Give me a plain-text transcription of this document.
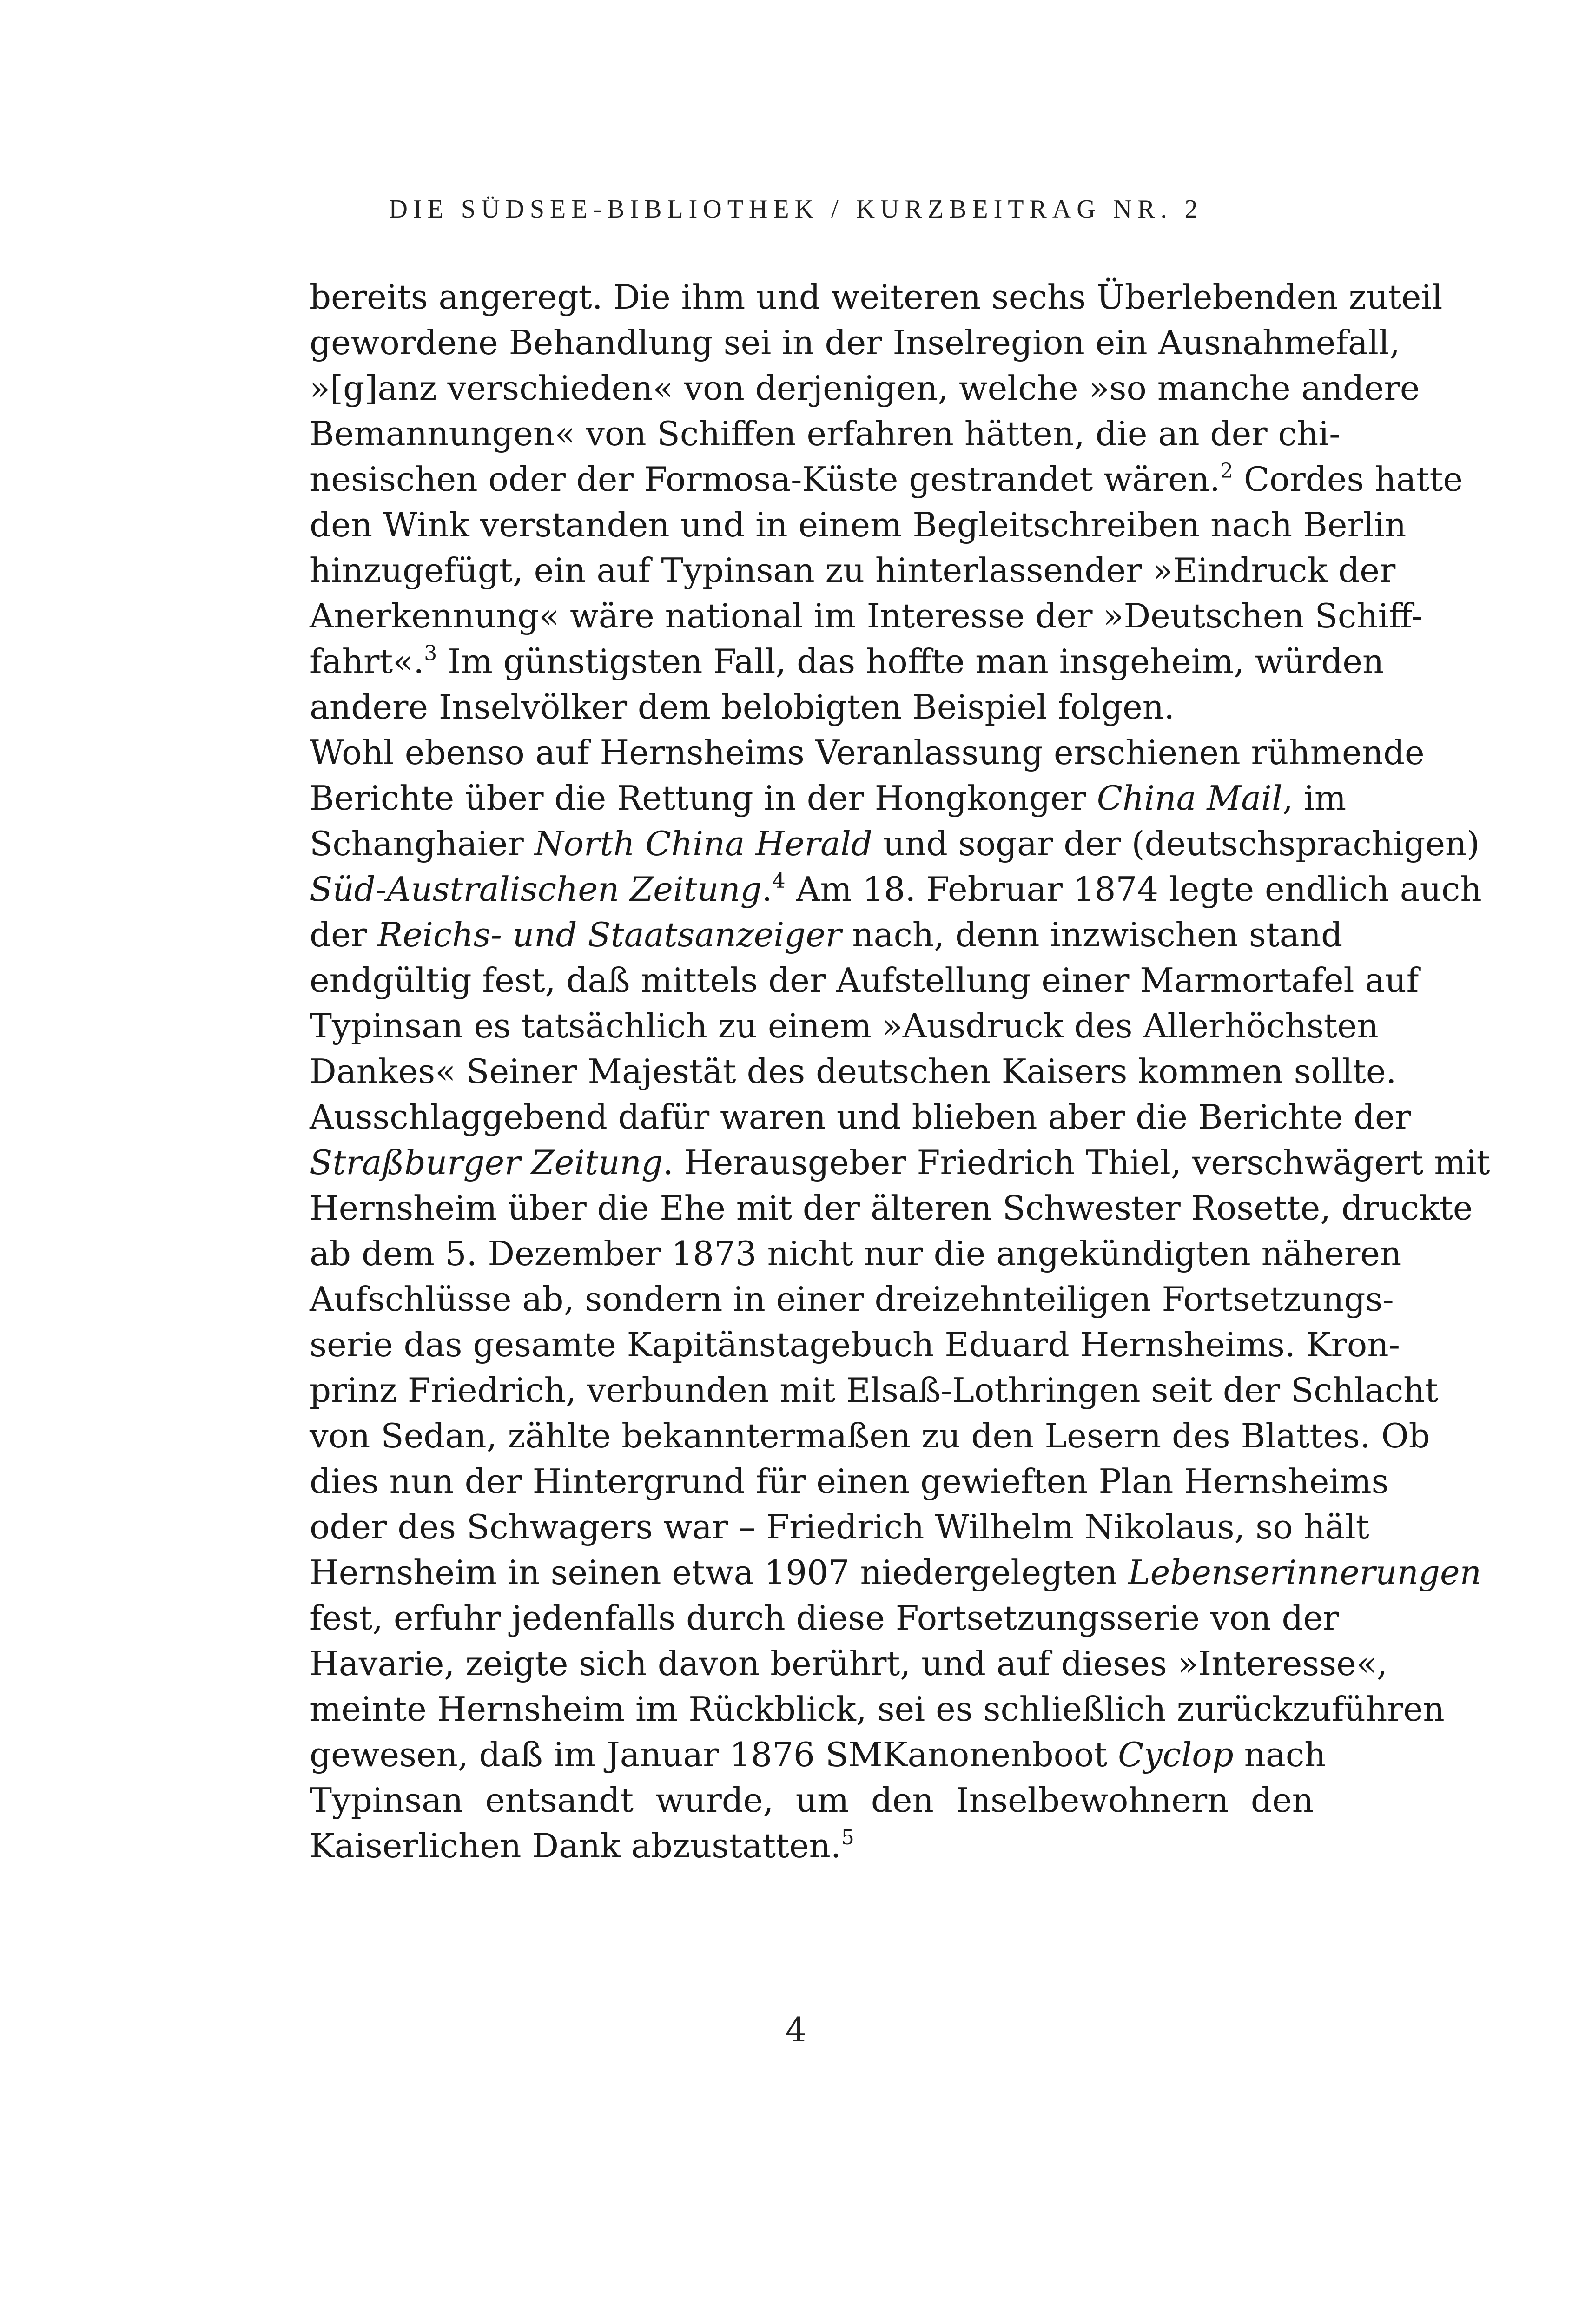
DIE SÜDSEE-BIBLIOTHEK / KURZBEITRAG NR. 2
bereits angeregt. Die ihm und weiteren sechs Überlebenden zuteil
gewordene Behandlung sei in der Inselregion ein Ausnahmefall,
»[g]anz verschieden« von derjenigen, welche »so manche andere
Bemannungen« von Schiffen erfahren hätten, die an der chi-
nesischen oder der Formosa-Küste gestrandet wären.$^2$ Cordes hatte
den Wink verstanden und in einem Begleitschreiben nach Berlin
hinzugefügt, ein auf Typinsan zu hinterlassender »Eindruck der
Anerkennung« wäre national im Interesse der »Deutschen Schiff-
fahrt«.$^3$ Im günstigsten Fall, das hoffte man insgeheim, würden
andere Inselvölker dem belobigten Beispiel folgen.
Wohl ebenso auf Hernsheims Veranlassung erschienen rühmende
Berichte über die Rettung in der Hongkonger China Mail, im
Schanghaier North China Herald und sogar der (deutschsprachigen)
Süd-Australischen Zeitung.$^4$ Am 18. Februar 1874 legte endlich auch
der Reichs- und Staatsanzeiger nach, denn inzwischen stand
endgültig fest, daß mittels der Aufstellung einer Marmortafel auf
Typinsan es tatsächlich zu einem »Ausdruck des Allerhöchsten
Dankes« Seiner Majestät des deutschen Kaisers kommen sollte.
Ausschlaggebend dafür waren und blieben aber die Berichte der
Straßburger Zeitung. Herausgeber Friedrich Thiel, verschwägert mit
Hernsheim über die Ehe mit der älteren Schwester Rosette, druckte
ab dem 5. Dezember 1873 nicht nur die angekündigten näheren
Aufschlüsse ab, sondern in einer dreizehnteiligen Fortsetzungs-
serie das gesamte Kapitänstagebuch Eduard Hernsheims. Kron-
prinz Friedrich, verbunden mit Elsaß-Lothringen seit der Schlacht
von Sedan, zählte bekanntermaßen zu den Lesern des Blattes. Ob
dies nun der Hintergrund für einen gewieften Plan Hernsheims
oder des Schwagers war – Friedrich Wilhelm Nikolaus, so hält
Hernsheim in seinen etwa 1907 niedergelegten Lebenserinnerungen
fest, erfuhr jedenfalls durch diese Fortsetzungsserie von der
Havarie, zeigte sich davon berührt, und auf dieses »Interesse«,
meinte Hernsheim im Rückblick, sei es schließlich zurückzuführen
gewesen, daß im Januar 1876 SMKanonenboot Cyclop nach
Typinsan entsandt wurde, um den Inselbewohnern den
Kaiserlichen Dank abzustatten.$^5$
4
